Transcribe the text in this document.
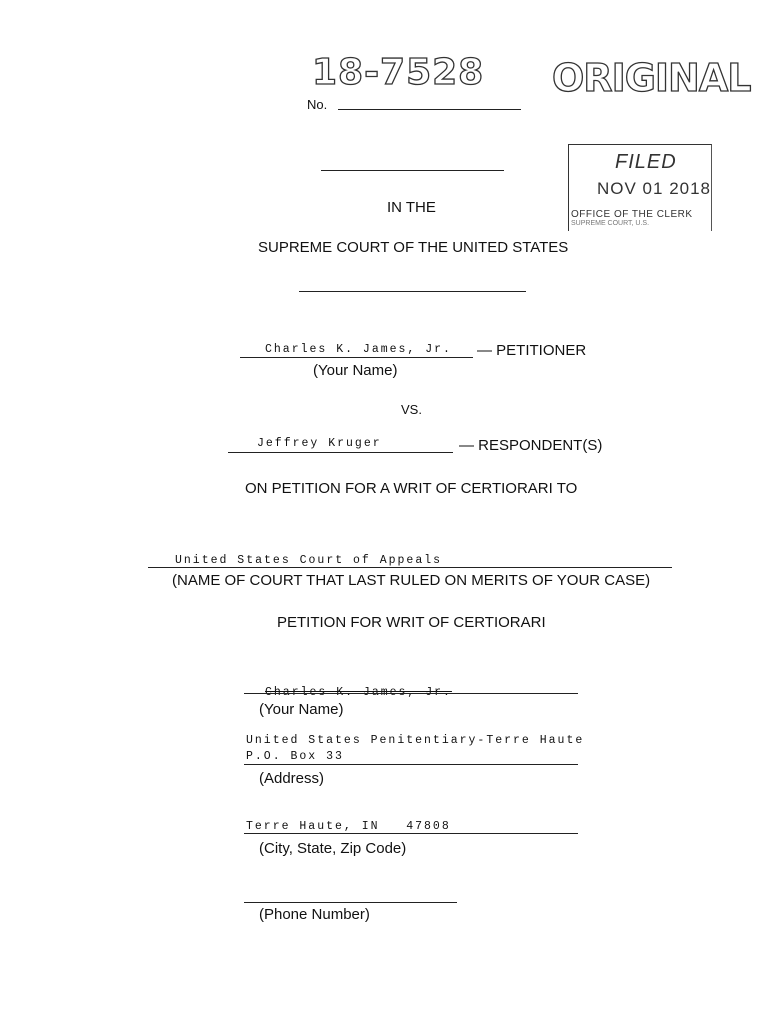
18-7528 ORIGINAL
No.
FILED
NOV 01 2018
OFFICE OF THE CLERK
SUPREME COURT, U.S.
IN THE
SUPREME COURT OF THE UNITED STATES
Charles K. James, Jr. — PETITIONER
(Your Name)
VS.
Jeffrey Kruger	— RESPONDENT(S)
ON PETITION FOR A WRIT OF CERTIORARI TO
United States Court of Appeals
(NAME OF COURT THAT LAST RULED ON MERITS OF YOUR CASE)
PETITION FOR WRIT OF CERTIORARI
Charles K. James, Jr.
(Your Name)
United States Penitentiary-Terre Haute
P.O. Box 33
(Address)
Terre Haute, IN   47808
(City, State, Zip Code)
(Phone Number)
